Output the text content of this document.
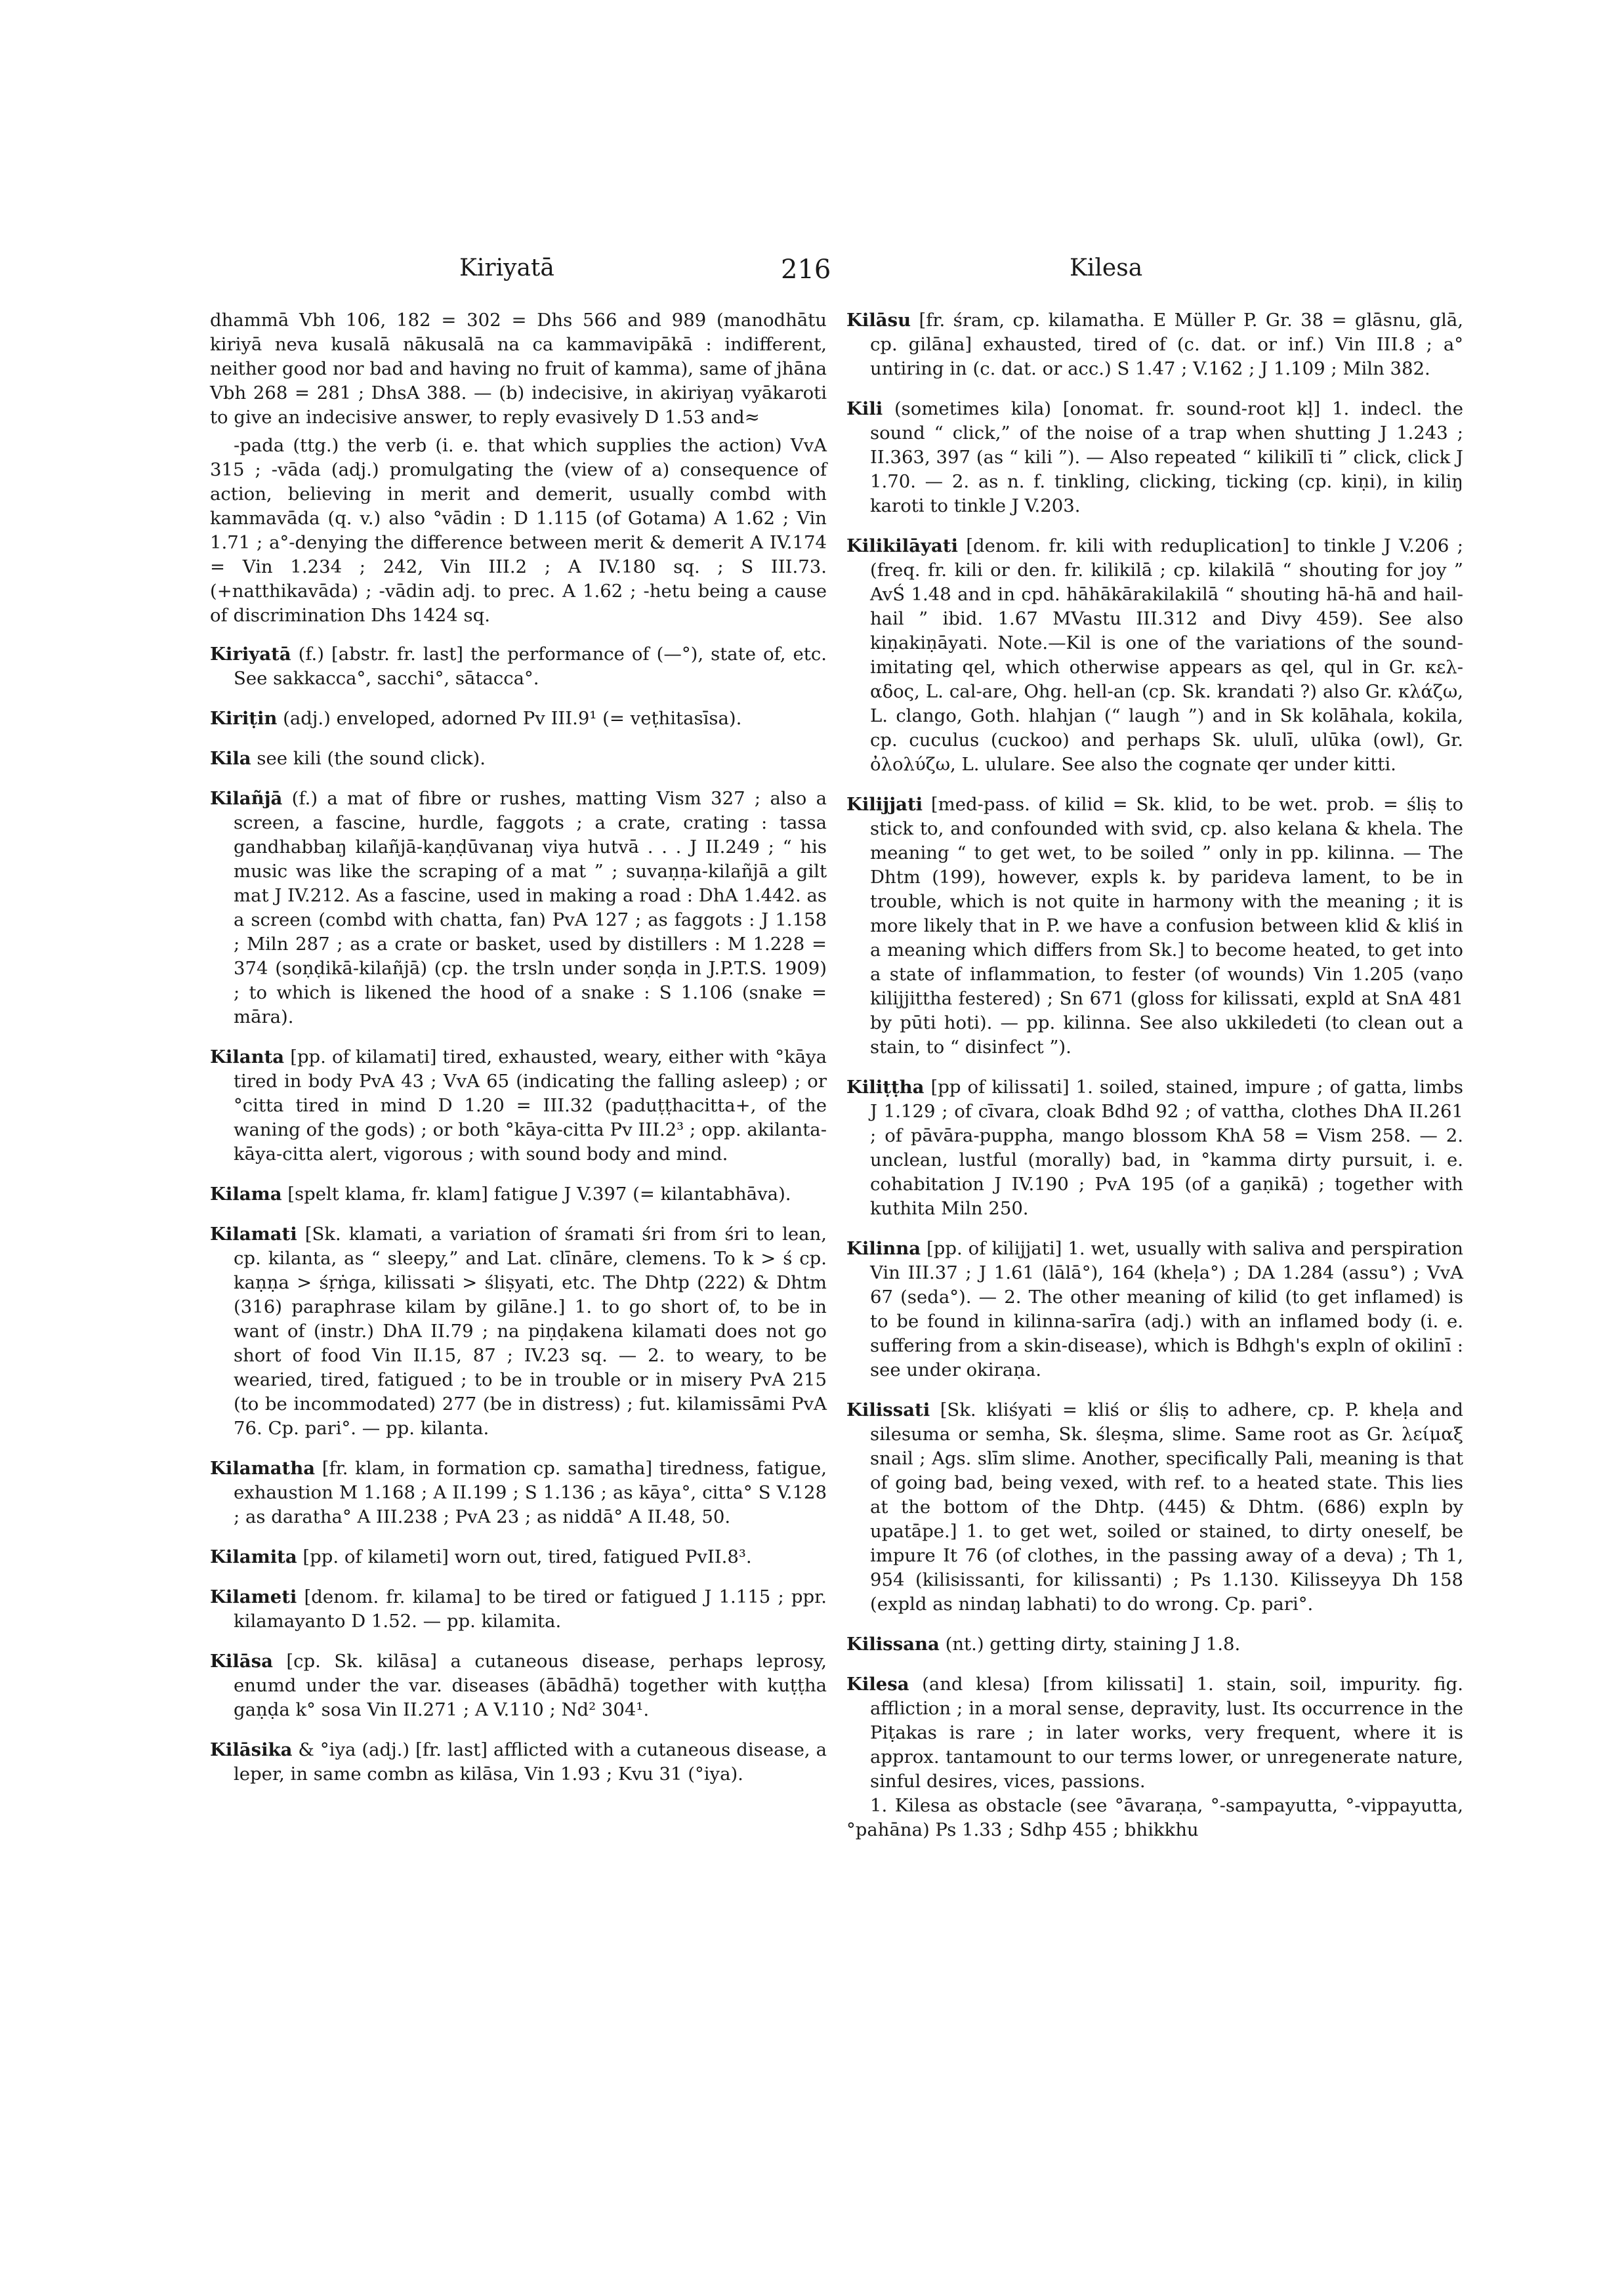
Kiriyatā	216	Kilesa

dhammā Vbh 106, 182 = 302 = Dhs 566 and 989 (manodhātu kiriyā neva kusalā nākusalā na ca kammavipākā : indifferent, neither good nor bad and having no fruit of kamma), same of jhāna Vbh 268 = 281 ; DhsA 388. — (b) indecisive, in akiriyaŋ vyākaroti to give an indecisive answer, to reply evasively D 1.53 and≈

-pada (ttg.) the verb (i. e. that which supplies the action) VvA 315 ; -vāda (adj.) promulgating the (view of a) consequence of action, believing in merit and demerit, usually combd with kammavāda (q. v.) also °vādin : D 1.115 (of Gotama) A 1.62 ; Vin 1.71 ; a°-denying the difference between merit & demerit A IV.174 = Vin 1.234 ; 242, Vin III.2 ; A IV.180 sq. ; S III.73. (+natthikavāda) ; -vādin adj. to prec. A 1.62 ; -hetu being a cause of discrimination Dhs 1424 sq.

Kiriyatā (f.) [abstr. fr. last] the performance of (—°), state of, etc. See sakkacca°, sacchi°, sātacca°.

Kiriṭin (adj.) enveloped, adorned Pv III.9¹ (= veṭhitasīsa).

Kila see kili (the sound click).

Kilañjā (f.) a mat of fibre or rushes, matting Vism 327 ; also a screen, a fascine, hurdle, faggots ; a crate, crating : tassa gandhabbaŋ kilañjā-kaṇḍūvanaŋ viya hutvā . . . J II.249 ; “ his music was like the scraping of a mat ” ; suvaṇṇa-kilañjā a gilt mat J IV.212. As a fascine, used in making a road : DhA 1.442. as a screen (combd with chatta, fan) PvA 127 ; as faggots : J 1.158 ; Miln 287 ; as a crate or basket, used by distillers : M 1.228 = 374 (soṇḍikā-kilañjā) (cp. the trsln under soṇḍa in J.P.T.S. 1909) ; to which is likened the hood of a snake : S 1.106 (snake = māra).

Kilanta [pp. of kilamati] tired, exhausted, weary, either with °kāya tired in body PvA 43 ; VvA 65 (indicating the falling asleep) ; or °citta tired in mind D 1.20 = III.32 (paduṭṭhacitta+, of the waning of the gods) ; or both °kāya-citta Pv III.2³ ; opp. akilanta-kāya-citta alert, vigorous ; with sound body and mind.

Kilama [spelt klama, fr. klam] fatigue J V.397 (= kilantabhāva).

Kilamati [Sk. klamati, a variation of śramati śri from śri to lean, cp. kilanta, as “ sleepy,” and Lat. clīnāre, clemens. To k > ś cp. kaṇṇa > śṛṅga, kilissati > śliṣyati, etc. The Dhtp (222) & Dhtm (316) paraphrase kilam by gilāne.] 1. to go short of, to be in want of (instr.) DhA II.79 ; na piṇḍakena kilamati does not go short of food Vin II.15, 87 ; IV.23 sq. — 2. to weary, to be wearied, tired, fatigued ; to be in trouble or in misery PvA 215 (to be incommodated) 277 (be in distress) ; fut. kilamissāmi PvA 76. Cp. pari°. — pp. kilanta.

Kilamatha [fr. klam, in formation cp. samatha] tiredness, fatigue, exhaustion M 1.168 ; A II.199 ; S 1.136 ; as kāya°, citta° S V.128 ; as daratha° A III.238 ; PvA 23 ; as niddā° A II.48, 50.

Kilamita [pp. of kilameti] worn out, tired, fatigued PvII.8³.

Kilameti [denom. fr. kilama] to be tired or fatigued J 1.115 ; ppr. kilamayanto D 1.52. — pp. kilamita.

Kilāsa [cp. Sk. kilāsa] a cutaneous disease, perhaps leprosy, enumd under the var. diseases (ābādhā) together with kuṭṭha gaṇḍa k° sosa Vin II.271 ; A V.110 ; Nd² 304¹.

Kilāsika & °iya (adj.) [fr. last] afflicted with a cutaneous disease, a leper, in same combn as kilāsa, Vin 1.93 ; Kvu 31 (°iya).

Kilāsu [fr. śram, cp. kilamatha. E Müller P. Gr. 38 = glāsnu, glā, cp. gilāna] exhausted, tired of (c. dat. or inf.) Vin III.8 ; a° untiring in (c. dat. or acc.) S 1.47 ; V.162 ; J 1.109 ; Miln 382.

Kili (sometimes kila) [onomat. fr. sound-root kḷ] 1. indecl. the sound “ click,” of the noise of a trap when shutting J 1.243 ; II.363, 397 (as “ kili ”). — Also repeated “ kilikilī ti ” click, click J 1.70. — 2. as n. f. tinkling, clicking, ticking (cp. kiṇi), in kiliŋ karoti to tinkle J V.203.

Kilikilāyati [denom. fr. kili with reduplication] to tinkle J V.206 ; (freq. fr. kili or den. fr. kilikilā ; cp. kilakilā “ shouting for joy ” AvŚ 1.48 and in cpd. hāhākārakilakilā “ shouting hā-hā and hail-hail ” ibid. 1.67 MVastu III.312 and Divy 459). See also kiṇakiṇāyati. Note.—Kil is one of the variations of the sound-imitating qel, which otherwise appears as qel, qul in Gr. κελ-αδος, L. cal-are, Ohg. hell-an (cp. Sk. krandati ?) also Gr. κλάζω, L. clango, Goth. hlahjan (“ laugh ”) and in Sk kolāhala, kokila, cp. cuculus (cuckoo) and perhaps Sk. ululī, ulūka (owl), Gr. ὀλολύζω, L. ululare. See also the cognate qer under kitti.

Kilijjati [med-pass. of kilid = Sk. klid, to be wet. prob. = śliṣ to stick to, and confounded with svid, cp. also kelana & khela. The meaning “ to get wet, to be soiled ” only in pp. kilinna. — The Dhtm (199), however, expls k. by parideva lament, to be in trouble, which is not quite in harmony with the meaning ; it is more likely that in P. we have a confusion between klid & kliś in a meaning which differs from Sk.] to become heated, to get into a state of inflammation, to fester (of wounds) Vin 1.205 (vaṇo kilijjittha festered) ; Sn 671 (gloss for kilissati, expld at SnA 481 by pūti hoti). — pp. kilinna. See also ukkiledeti (to clean out a stain, to “ disinfect ”).

Kiliṭṭha [pp of kilissati] 1. soiled, stained, impure ; of gatta, limbs J 1.129 ; of cīvara, cloak Bdhd 92 ; of vattha, clothes DhA II.261 ; of pāvāra-puppha, mango blossom KhA 58 = Vism 258. — 2. unclean, lustful (morally) bad, in °kamma dirty pursuit, i. e. cohabitation J IV.190 ; PvA 195 (of a gaṇikā) ; together with kuthita Miln 250.

Kilinna [pp. of kilijjati] 1. wet, usually with saliva and perspiration Vin III.37 ; J 1.61 (lālā°), 164 (kheḷa°) ; DA 1.284 (assu°) ; VvA 67 (seda°). — 2. The other meaning of kilid (to get inflamed) is to be found in kilinna-sarīra (adj.) with an inflamed body (i. e. suffering from a skin-disease), which is Bdhgh's expln of okilinī : see under okiraṇa.

Kilissati [Sk. kliśyati = kliś or śliṣ to adhere, cp. P. kheḷa and silesuma or semha, Sk. śleṣma, slime. Same root as Gr. λείμαξ snail ; Ags. slīm slime. Another, specifically Pali, meaning is that of going bad, being vexed, with ref. to a heated state. This lies at the bottom of the Dhtp. (445) & Dhtm. (686) expln by upatāpe.] 1. to get wet, soiled or stained, to dirty oneself, be impure It 76 (of clothes, in the passing away of a deva) ; Th 1, 954 (kilisissanti, for kilissanti) ; Ps 1.130. Kilisseyya Dh 158 (expld as nindaŋ labhati) to do wrong. Cp. pari°.

Kilissana (nt.) getting dirty, staining J 1.8.

Kilesa (and klesa) [from kilissati] 1. stain, soil, impurity. fig. affliction ; in a moral sense, depravity, lust. Its occurrence in the Piṭakas is rare ; in later works, very frequent, where it is approx. tantamount to our terms lower, or unregenerate nature, sinful desires, vices, passions.

1. Kilesa as obstacle (see °āvaraṇa, °-sampayutta, °-vippayutta, °pahāna) Ps 1.33 ; Sdhp 455 ; bhikkhu
